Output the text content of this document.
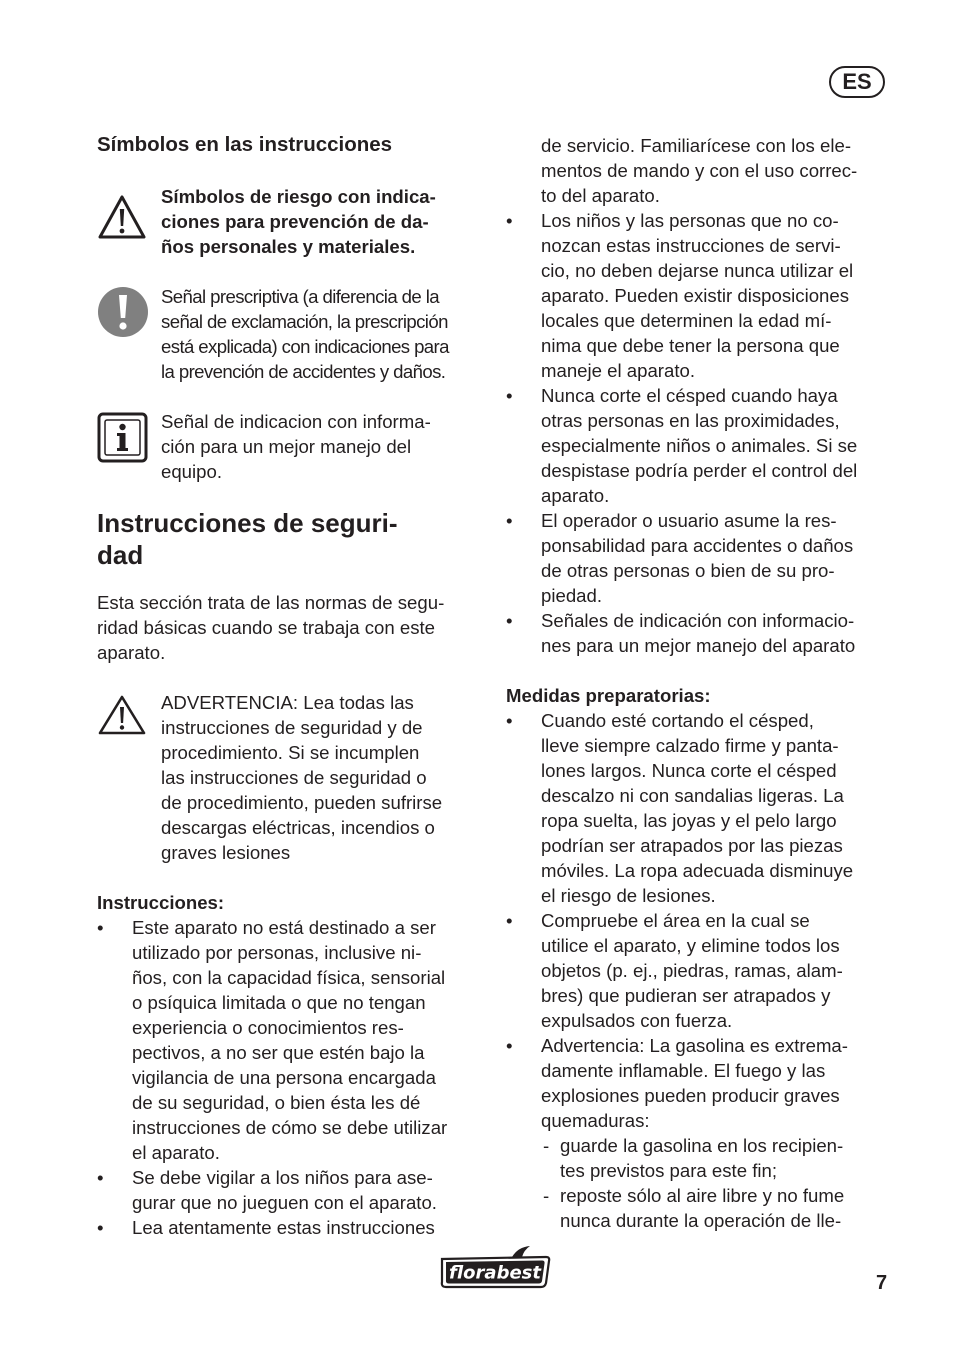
ES
Símbolos en las instrucciones
Símbolos de riesgo con indica-
ciones para prevención de da-
ños personales y materiales.
Señal prescriptiva (a diferencia de la
señal de exclamación, la prescripción
está explicada) con indicaciones para
la prevención de accidentes y daños.
Señal de indicacion con informa-
ción para un mejor manejo del
equipo.
Instrucciones de seguri-
dad
Esta sección trata de las normas de segu-
ridad básicas cuando se trabaja con este
aparato.
ADVERTENCIA: Lea todas las
instrucciones de seguridad y de
procedimiento. Si se incumplen
las instrucciones de seguridad o
de procedimiento, pueden sufrirse
descargas eléctricas, incendios o
graves lesiones
Instrucciones:
• Este aparato no está destinado a ser
utilizado por personas, inclusive ni-
ños, con la capacidad física, sensorial
o psíquica limitada o que no tengan
experiencia o conocimientos res-
pectivos, a no ser que estén bajo la
vigilancia de una persona encargada
de su seguridad, o bien ésta les dé
instrucciones de cómo se debe utilizar
el aparato.
• Se debe vigilar a los niños para ase-
gurar que no jueguen con el aparato.
• Lea atentamente estas instrucciones
de servicio. Familiarícese con los ele-
mentos de mando y con el uso correc-
to del aparato.
• Los niños y las personas que no co-
nozcan estas instrucciones de servi-
cio, no deben dejarse nunca utilizar el
aparato. Pueden existir disposiciones
locales que determinen la edad mí-
nima que debe tener la persona que
maneje el aparato.
• Nunca corte el césped cuando haya
otras personas en las proximidades,
especialmente niños o animales. Si se
despistase podría perder el control del
aparato.
• El operador o usuario asume la res-
ponsabilidad para accidentes o daños
de otras personas o bien de su pro-
piedad.
• Señales de indicación con informacio-
nes para un mejor manejo del aparato
Medidas preparatorias:
• Cuando esté cortando el césped,
lleve siempre calzado firme y panta-
lones largos. Nunca corte el césped
descalzo ni con sandalias ligeras. La
ropa suelta, las joyas y el pelo largo
podrían ser atrapados por las piezas
móviles. La ropa adecuada disminuye
el riesgo de lesiones.
• Compruebe el área en la cual se
utilice el aparato, y elimine todos los
objetos (p. ej., piedras, ramas, alam-
bres) que pudieran ser atrapados y
expulsados con fuerza.
• Advertencia: La gasolina es extrema-
damente inflamable. El fuego y las
explosiones pueden producir graves
quemaduras:
- guarde la gasolina en los recipien-
tes previstos para este fin;
- reposte sólo al aire libre y no fume
nunca durante la operación de lle-
florabest	7
